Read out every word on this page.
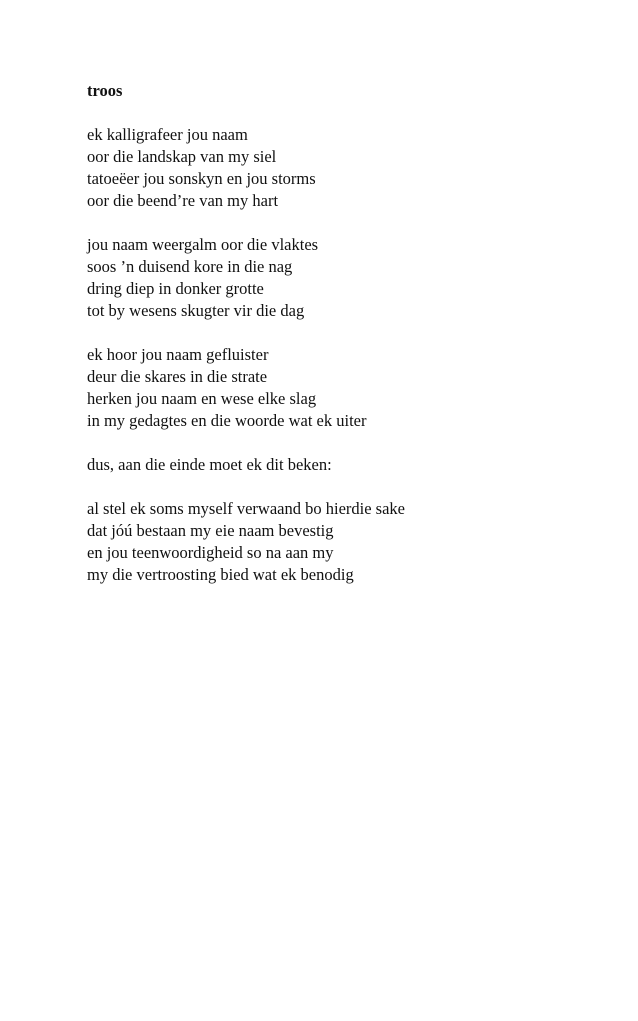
troos
ek kalligrafeer jou naam
oor die landskap van my siel
tatoeëer jou sonskyn en jou storms
oor die beend’re van my hart
jou naam weergalm oor die vlaktes
soos ’n duisend kore in die nag
dring diep in donker grotte
tot by wesens skugter vir die dag
ek hoor jou naam gefluister
deur die skares in die strate
herken jou naam en wese elke slag
in my gedagtes en die woorde wat ek uiter
dus, aan die einde moet ek dit beken:
al stel ek soms myself verwaand bo hierdie sake
dat jóú bestaan my eie naam bevestig
en jou teenwoordigheid so na aan my
my die vertroosting bied wat ek benodig
